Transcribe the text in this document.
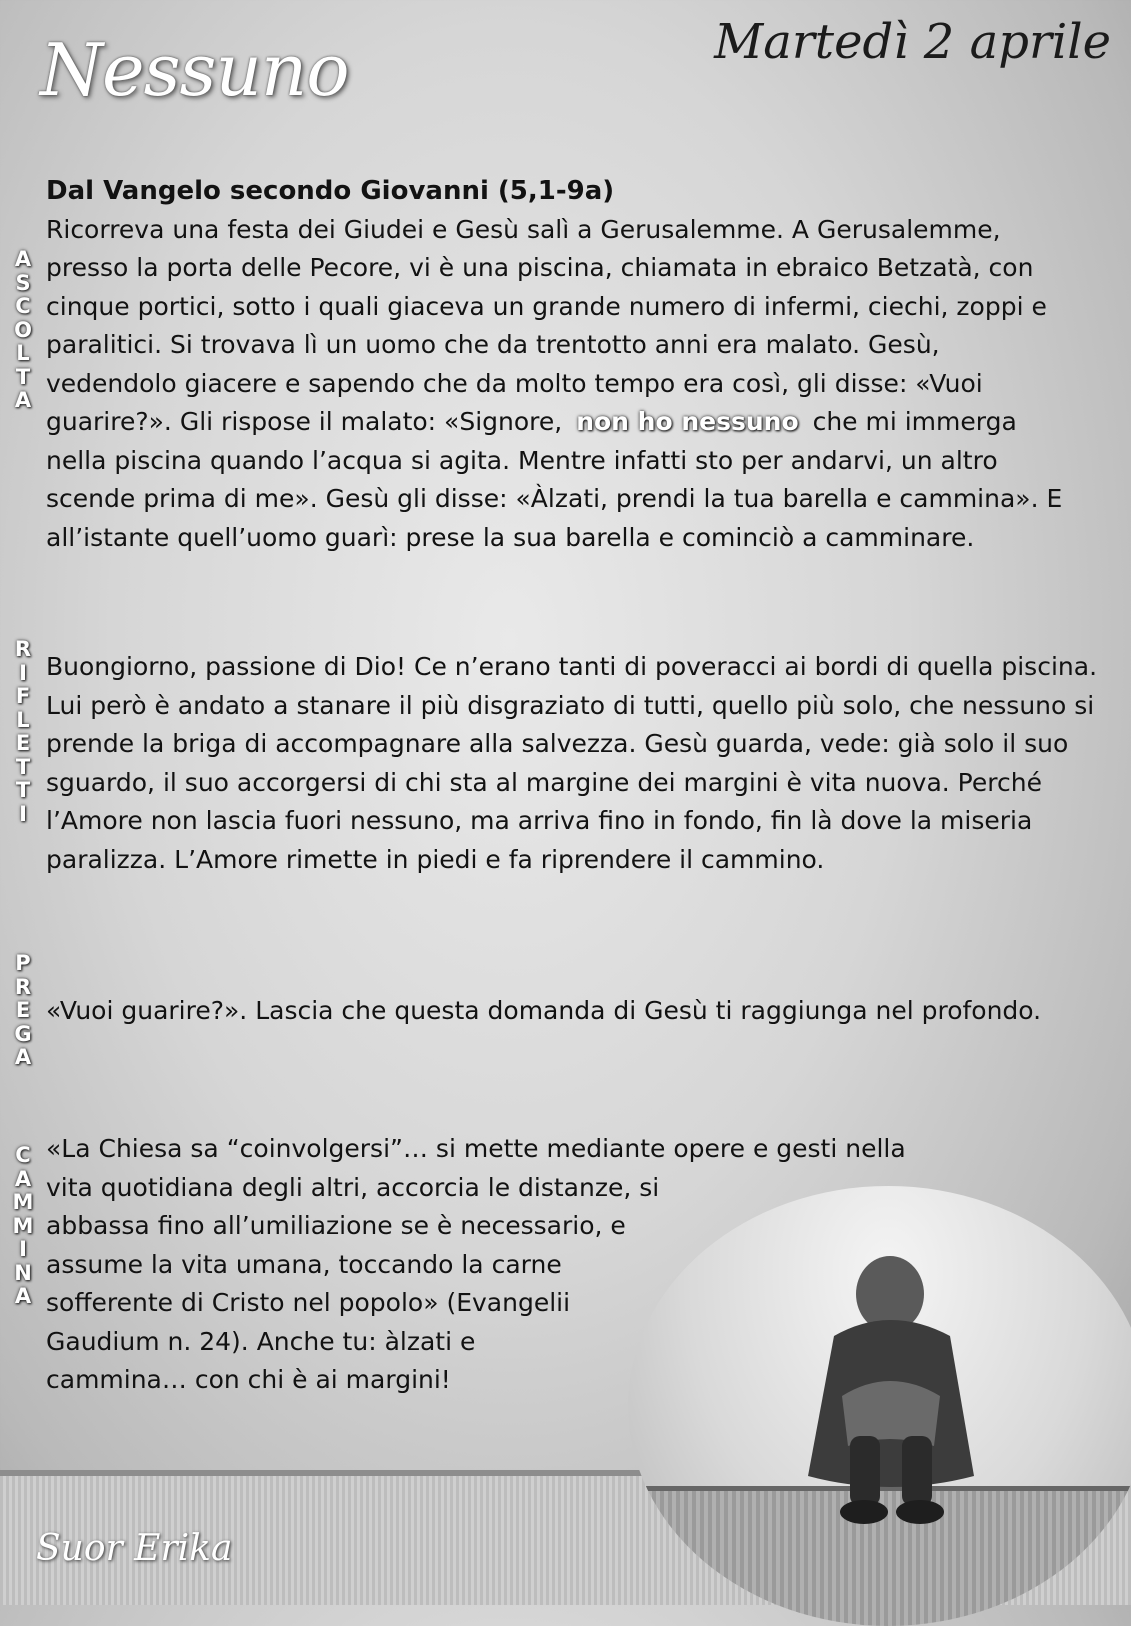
Nessuno	Martedì 2 aprile
A
S
C
O
L
T
A
R
I
F
L
E
T
T
I
P
R
E
G
A
C
A
M
M
I
N
A
Dal Vangelo secondo Giovanni (5,1-9a)
Ricorreva una festa dei Giudei e Gesù salì a Gerusalemme. A Gerusalemme, presso la porta delle Pecore, vi è una piscina, chiamata in ebraico Betzatà, con cinque portici, sotto i quali giaceva un grande numero di infermi, ciechi, zoppi e paralitici. Si trovava lì un uomo che da trentotto anni era malato. Gesù, vedendolo giacere e sapendo che da molto tempo era così, gli disse: «Vuoi guarire?». Gli rispose il malato: «Signore, non ho nessuno che mi immerga nella piscina quando l’acqua si agita. Mentre infatti sto per andarvi, un altro scende prima di me». Gesù gli disse: «Àlzati, prendi la tua barella e cammina». E all’istante quell’uomo guarì: prese la sua barella e cominciò a camminare.
Buongiorno, passione di Dio! Ce n’erano tanti di poveracci ai bordi di quella piscina. Lui però è andato a stanare il più disgraziato di tutti, quello più solo, che nessuno si prende la briga di accompagnare alla salvezza. Gesù guarda, vede: già solo il suo sguardo, il suo accorgersi di chi sta al margine dei margini è vita nuova. Perché l’Amore non lascia fuori nessuno, ma arriva fino in fondo, fin là dove la miseria paralizza. L’Amore rimette in piedi e fa riprendere il cammino.
«Vuoi guarire?». Lascia che questa domanda di Gesù ti raggiunga nel profondo.
«La Chiesa sa “coinvolgersi”… si mette mediante opere e gesti nella
vita quotidiana degli altri, accorcia le distanze, si
abbassa fino all’umiliazione se è necessario, e
assume la vita umana, toccando la carne
sofferente di Cristo nel popolo» (Evangelii
Gaudium n. 24). Anche tu: àlzati e
cammina… con chi è ai margini!
Suor Erika
